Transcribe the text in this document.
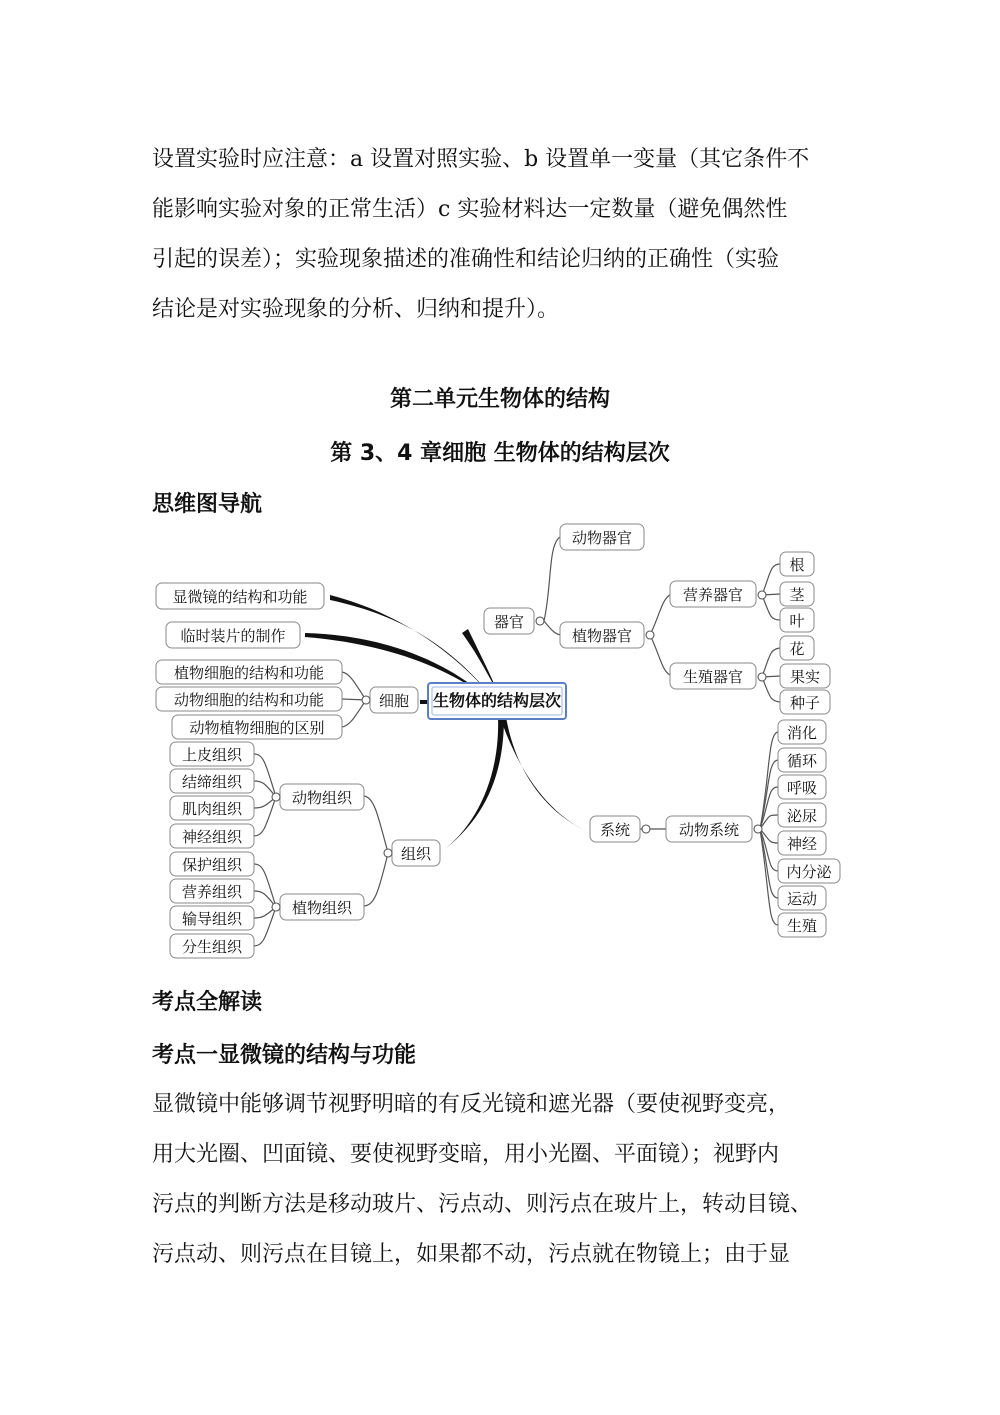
设置实验时应注意：a 设置对照实验、b 设置单一变量（其它条件不
能影响实验对象的正常生活）c 实验材料达一定数量（避免偶然性
引起的误差）；实验现象描述的准确性和结论归纳的正确性（实验
结论是对实验现象的分析、归纳和提升）。
第二单元生物体的结构
第 3、4 章细胞 生物体的结构层次
思维图导航
生物体的结构层次
器官
动物器官
植物器官
营养器官
生殖器官
根
茎
叶
花
果实
种子
系统	动物系统
消化
循环
呼吸
泌尿
神经
内分泌
运动
生殖
显微镜的结构和功能
临时装片的制作
细胞
植物细胞的结构和功能
动物细胞的结构和功能
动物植物细胞的区别
组织
动物组织
植物组织
上皮组织
结缔组织
肌肉组织
神经组织
保护组织
营养组织
输导组织
分生组织
考点全解读
考点一显微镜的结构与功能
显微镜中能够调节视野明暗的有反光镜和遮光器（要使视野变亮，
用大光圈、凹面镜、要使视野变暗，用小光圈、平面镜）；视野内
污点的判断方法是移动玻片、污点动、则污点在玻片上，转动目镜、
污点动、则污点在目镜上，如果都不动，污点就在物镜上；由于显
